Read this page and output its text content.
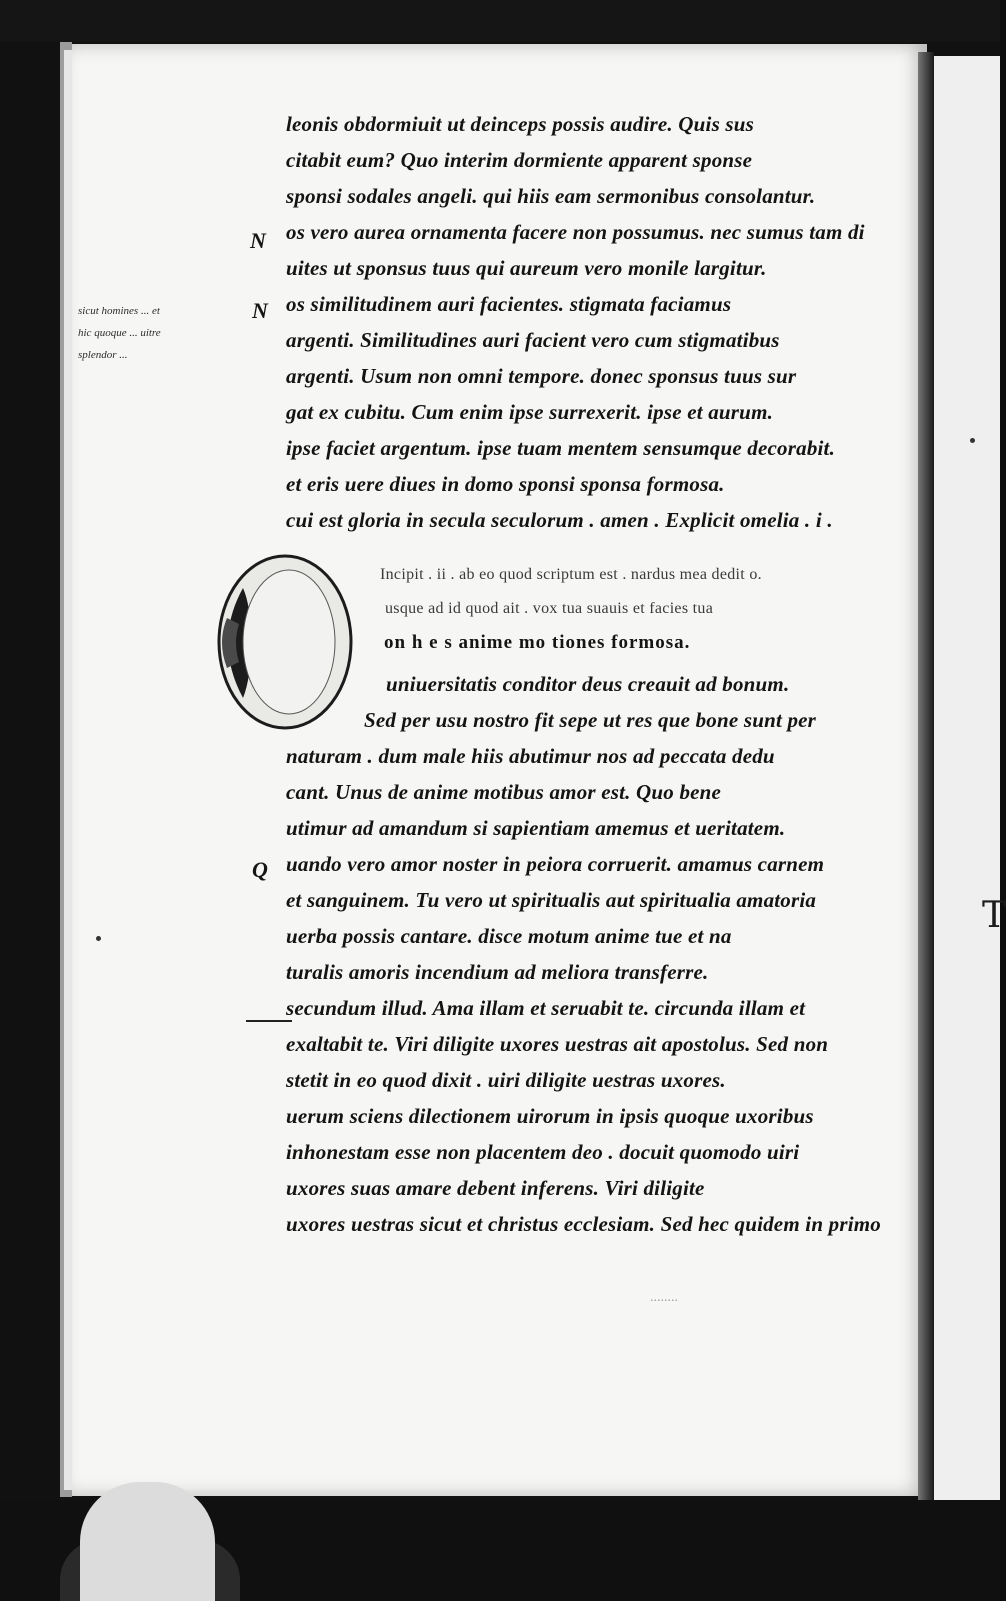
T
sicut homines ... et
hic quoque ... uitre
splendor ...
N
N
Q
leonis obdormiuit ut deinceps possis audire. Quis sus
citabit eum? Quo interim dormiente apparent sponse
sponsi sodales angeli. qui hiis eam sermonibus consolantur.
os vero aurea ornamenta facere non possumus. nec sumus tam di
uites ut sponsus tuus qui aureum vero monile largitur.
os similitudinem auri facientes. stigmata faciamus
argenti. Similitudines auri facient vero cum stigmatibus
argenti. Usum non omni tempore. donec sponsus tuus sur
gat ex cubitu. Cum enim ipse surrexerit. ipse et aurum.
ipse faciet argentum. ipse tuam mentem sensumque decorabit.
et eris uere diues in domo sponsi sponsa formosa.
cui est gloria in secula seculorum . amen . Explicit omelia . i .
Incipit . ii . ab eo quod scriptum est . nardus mea dedit o.
usque ad id quod ait . vox tua suauis et facies tua
on h e s anime mo tiones formosa.
uniuersitatis conditor deus creauit ad bonum.
Sed per usu nostro fit sepe ut res que bone sunt per
naturam . dum male hiis abutimur nos ad peccata dedu
cant. Unus de anime motibus amor est. Quo bene
utimur ad amandum si sapientiam amemus et ueritatem.
uando vero amor noster in peiora corruerit. amamus carnem
et sanguinem. Tu vero ut spiritualis aut spiritualia amatoria
uerba possis cantare. disce motum anime tue et na
turalis amoris incendium ad meliora transferre.
secundum illud. Ama illam et seruabit te. circunda illam et
exaltabit te. Viri diligite uxores uestras ait apostolus. Sed non
stetit in eo quod dixit . uiri diligite uestras uxores.
uerum sciens dilectionem uirorum in ipsis quoque uxoribus
inhonestam esse non placentem deo . docuit quomodo uiri
uxores suas amare debent inferens. Viri diligite
uxores uestras sicut et christus ecclesiam. Sed hec quidem in primo
........
